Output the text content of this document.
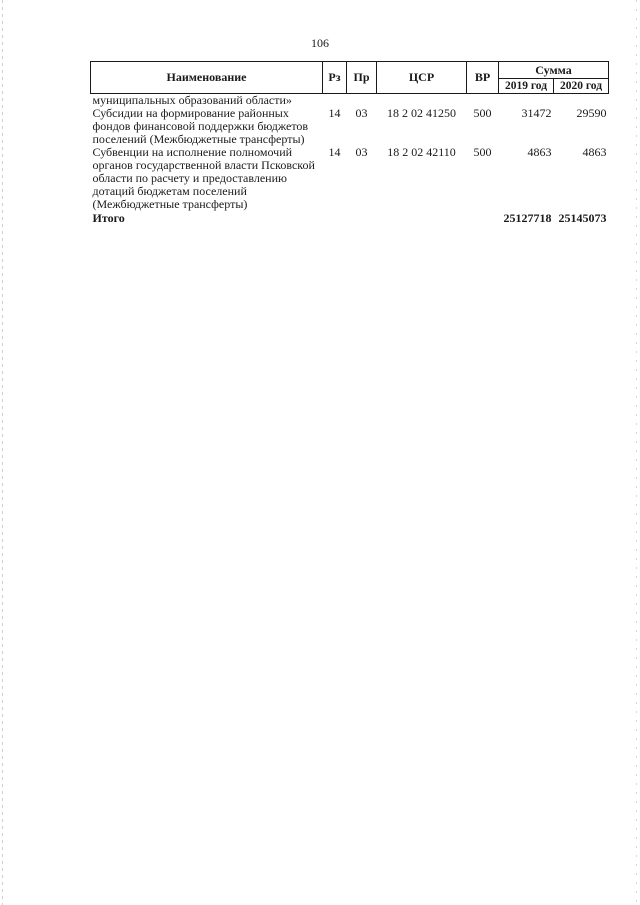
106
Наименование	Рз	Пр	ЦСР	ВР	Сумма	
					2019 год	2020 год
муниципальных образований области»						
Субсидии на формирование районных фондов финансовой поддержки бюджетов поселений (Межбюджетные трансферты)	14	03	18 2 02 41250	500	31472	29590
Субвенции на исполнение полномочий органов государственной власти Псковской области по расчету и предоставлению дотаций бюджетам поселений (Межбюджетные трансферты)	14	03	18 2 02 42110	500	4863	4863
Итого					25127718	25145073
